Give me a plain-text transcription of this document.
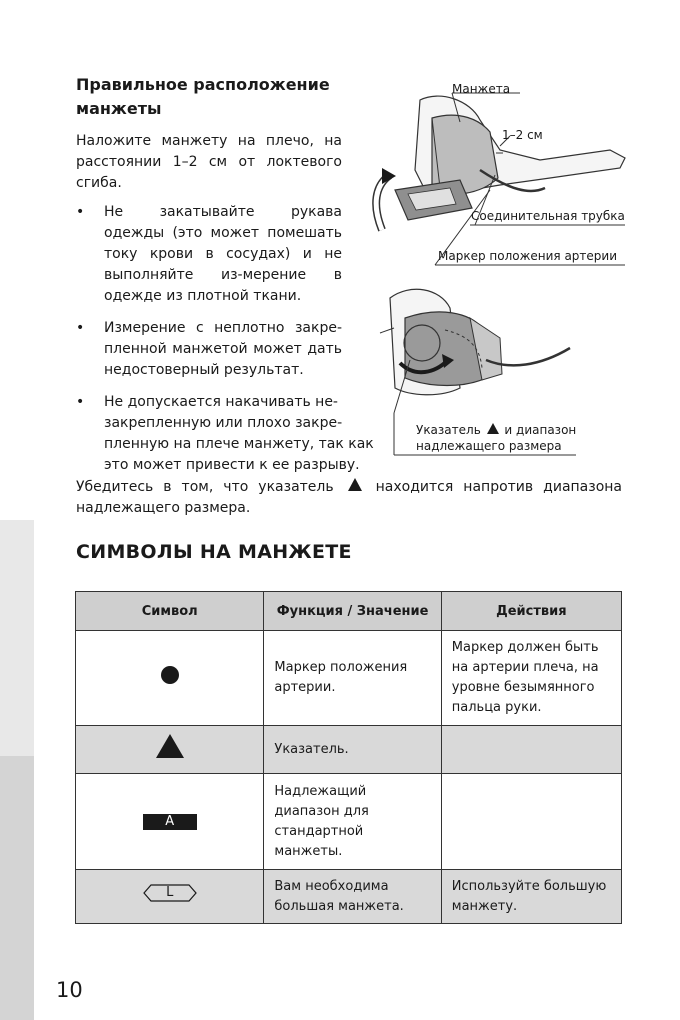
Правильное расположение манжеты
Наложите манжету на плечо, на расстоянии 1–2 см от локтевого сгиба.
• Не закатывайте рукава одежды (это может помешать току крови в сосудах) и не выполняйте из-мерение в одежде из плотной ткани.
• Измерение с неплотно закре-пленной манжетой может дать недостоверный результат.
• Не допускается накачивать не-закрепленную или плохо закре-пленную на плече манжету, так как это может привести к ее разрыву.
Манжета
1–2 см
Соединительная трубка
Маркер положения артерии
Указатель и диапазон
надлежащего размера
Убедитесь в том, что указатель	находится напротив диапазона надлежащего размера.
СИМВОЛЫ НА МАНЖЕТЕ
Символ	Функция / Значение	Действия
	Маркер положения артерии.	Маркер должен быть на артерии плеча, на уровне безымянного пальца руки.
	Указатель.	
A	Надлежащий диапазон для стандартной манжеты.	

L	Вам необходима большая манжета.	Используйте большую манжету.
10
